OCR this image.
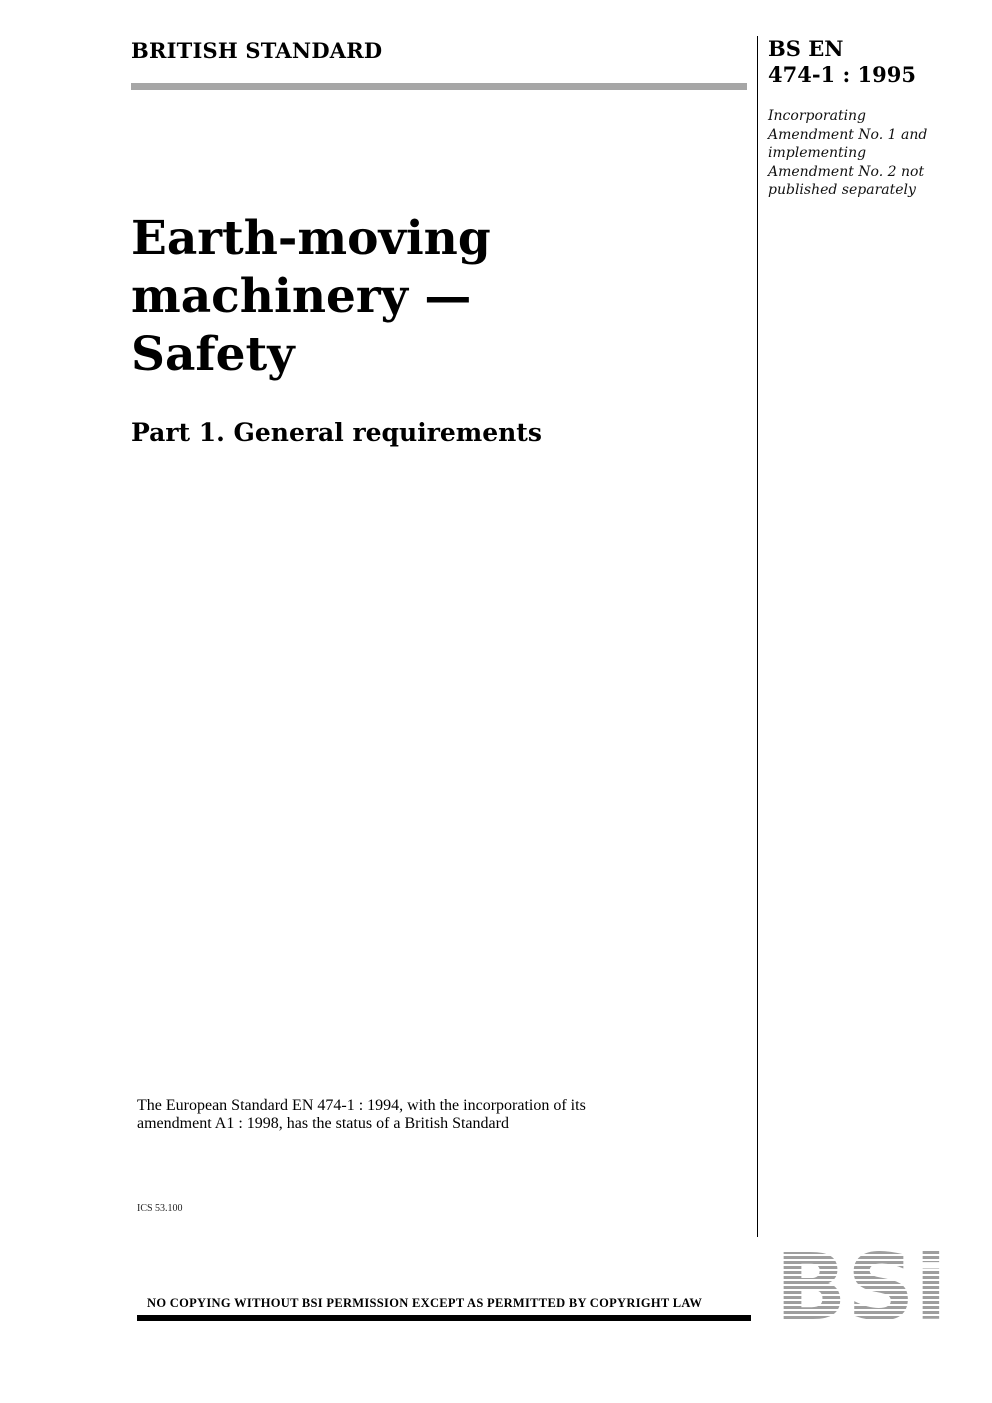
BRITISH STANDARD	BS EN
474-1 : 1995
Incorporating
Amendment No. 1 and
implementing
Amendment No. 2 not
published separately
Earth-moving
machinery —
Safety
Part 1. General requirements
The European Standard EN 474-1 : 1994, with the incorporation of its
amendment A1 : 1998, has the status of a British Standard
ICS 53.100
NO COPYING WITHOUT BSI PERMISSION EXCEPT AS PERMITTED BY COPYRIGHT LAW BSi
